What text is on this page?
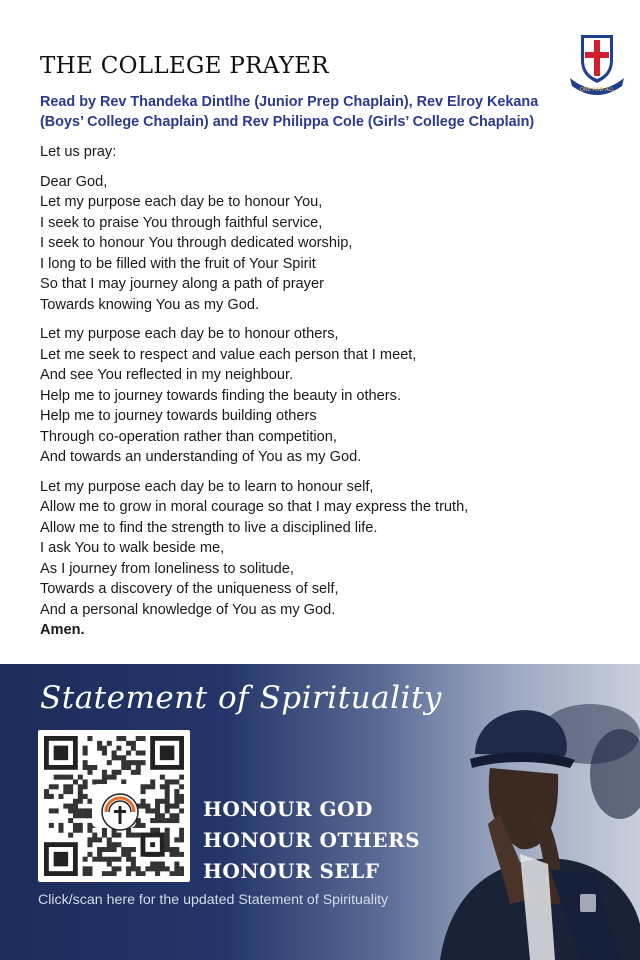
THE COLLEGE PRAYER
ONE AND ALL
Read by Rev Thandeka Dintlhe (Junior Prep Chaplain), Rev Elroy Kekana
(Boys’ College Chaplain) and Rev Philippa Cole (Girls’ College Chaplain)
Let us pray:
Dear God,
Let my purpose each day be to honour You,
I seek to praise You through faithful service,
I seek to honour You through dedicated worship,
I long to be filled with the fruit of Your Spirit
So that I may journey along a path of prayer
Towards knowing You as my God.
Let my purpose each day be to honour others,
Let me seek to respect and value each person that I meet,
And see You reflected in my neighbour.
Help me to journey towards finding the beauty in others.
Help me to journey towards building others
Through co-operation rather than competition,
And towards an understanding of You as my God.
Let my purpose each day be to learn to honour self,
Allow me to grow in moral courage so that I may express the truth,
Allow me to find the strength to live a disciplined life.
I ask You to walk beside me,
As I journey from loneliness to solitude,
Towards a discovery of the uniqueness of self,
And a personal knowledge of You as my God.
Amen.
Statement of Spirituality
HONOUR GOD
HONOUR OTHERS
HONOUR SELF
Click/scan here for the updated Statement of Spirituality
